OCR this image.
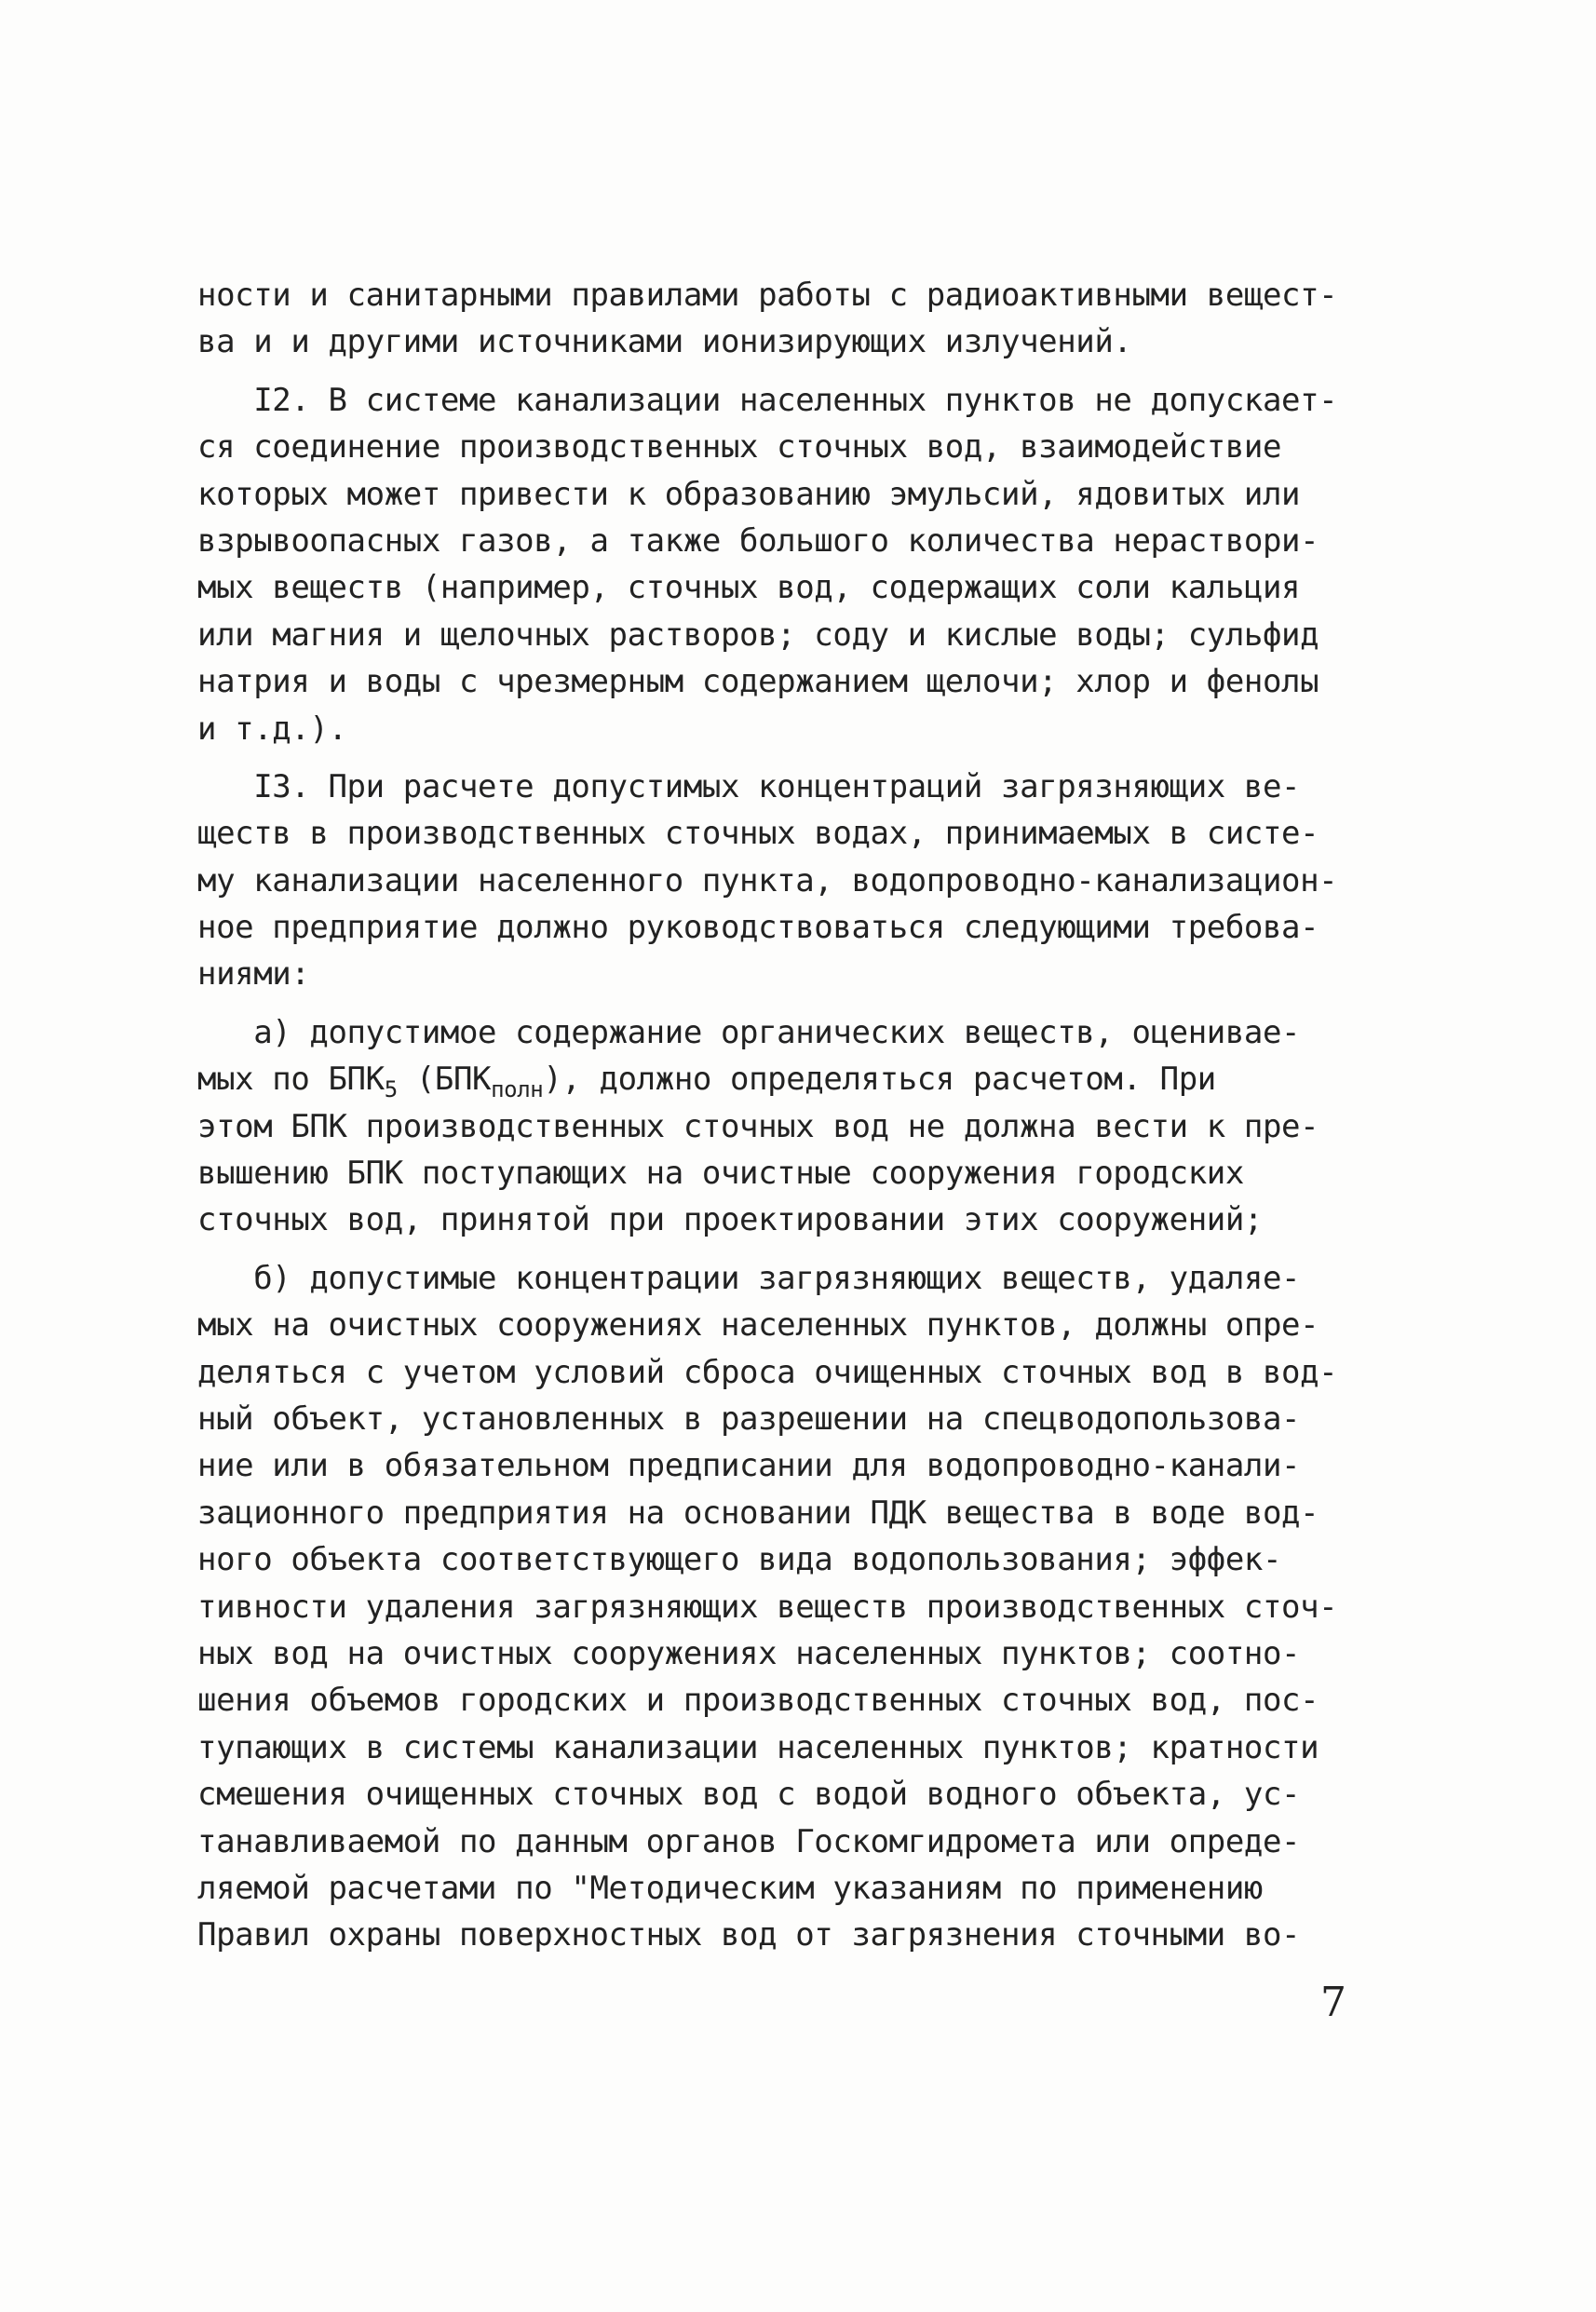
ности и санитарными правилами работы с радиоактивными вещест-
ва и и другими источниками ионизирующих излучений.
I2. В системе канализации населенных пунктов не допускает-
ся соединение производственных сточных вод, взаимодействие
которых может привести к образованию эмульсий, ядовитых или
взрывоопасных газов, а также большого количества нераствори-
мых веществ (например, сточных вод, содержащих соли кальция
или магния и щелочных растворов; соду и кислые воды; сульфид
натрия и воды с чрезмерным содержанием щелочи; хлор и фенолы
и т.д.).
I3. При расчете допустимых концентраций загрязняющих ве-
ществ в производственных сточных водах, принимаемых в систе-
му канализации населенного пункта, водопроводно-канализацион-
ное предприятие должно руководствоваться следующими требова-
ниями:
а) допустимое содержание органических веществ, оценивае-
мых по $БПК_5$ $(БПК_{полн})$, должно определяться расчетом. При
этом БПК производственных сточных вод не должна вести к пре-
вышению БПК поступающих на очистные сооружения городских
сточных вод, принятой при проектировании этих сооружений;
б) допустимые концентрации загрязняющих веществ, удаляе-
мых на очистных сооружениях населенных пунктов, должны опре-
деляться с учетом условий сброса очищенных сточных вод в вод-
ный объект, установленных в разрешении на спецводопользова-
ние или в обязательном предписании для водопроводно-канали-
зационного предприятия на основании ПДК вещества в воде вод-
ного объекта соответствующего вида водопользования; эффек-
тивности удаления загрязняющих веществ производственных сточ-
ных вод на очистных сооружениях населенных пунктов; соотно-
шения объемов городских и производственных сточных вод, пос-
тупающих в системы канализации населенных пунктов; кратности
смешения очищенных сточных вод с водой водного объекта, ус-
танавливаемой по данным органов Госкомгидромета или опреде-
ляемой расчетами по "Методическим указаниям по применению
Правил охраны поверхностных вод от загрязнения сточными во-
7
